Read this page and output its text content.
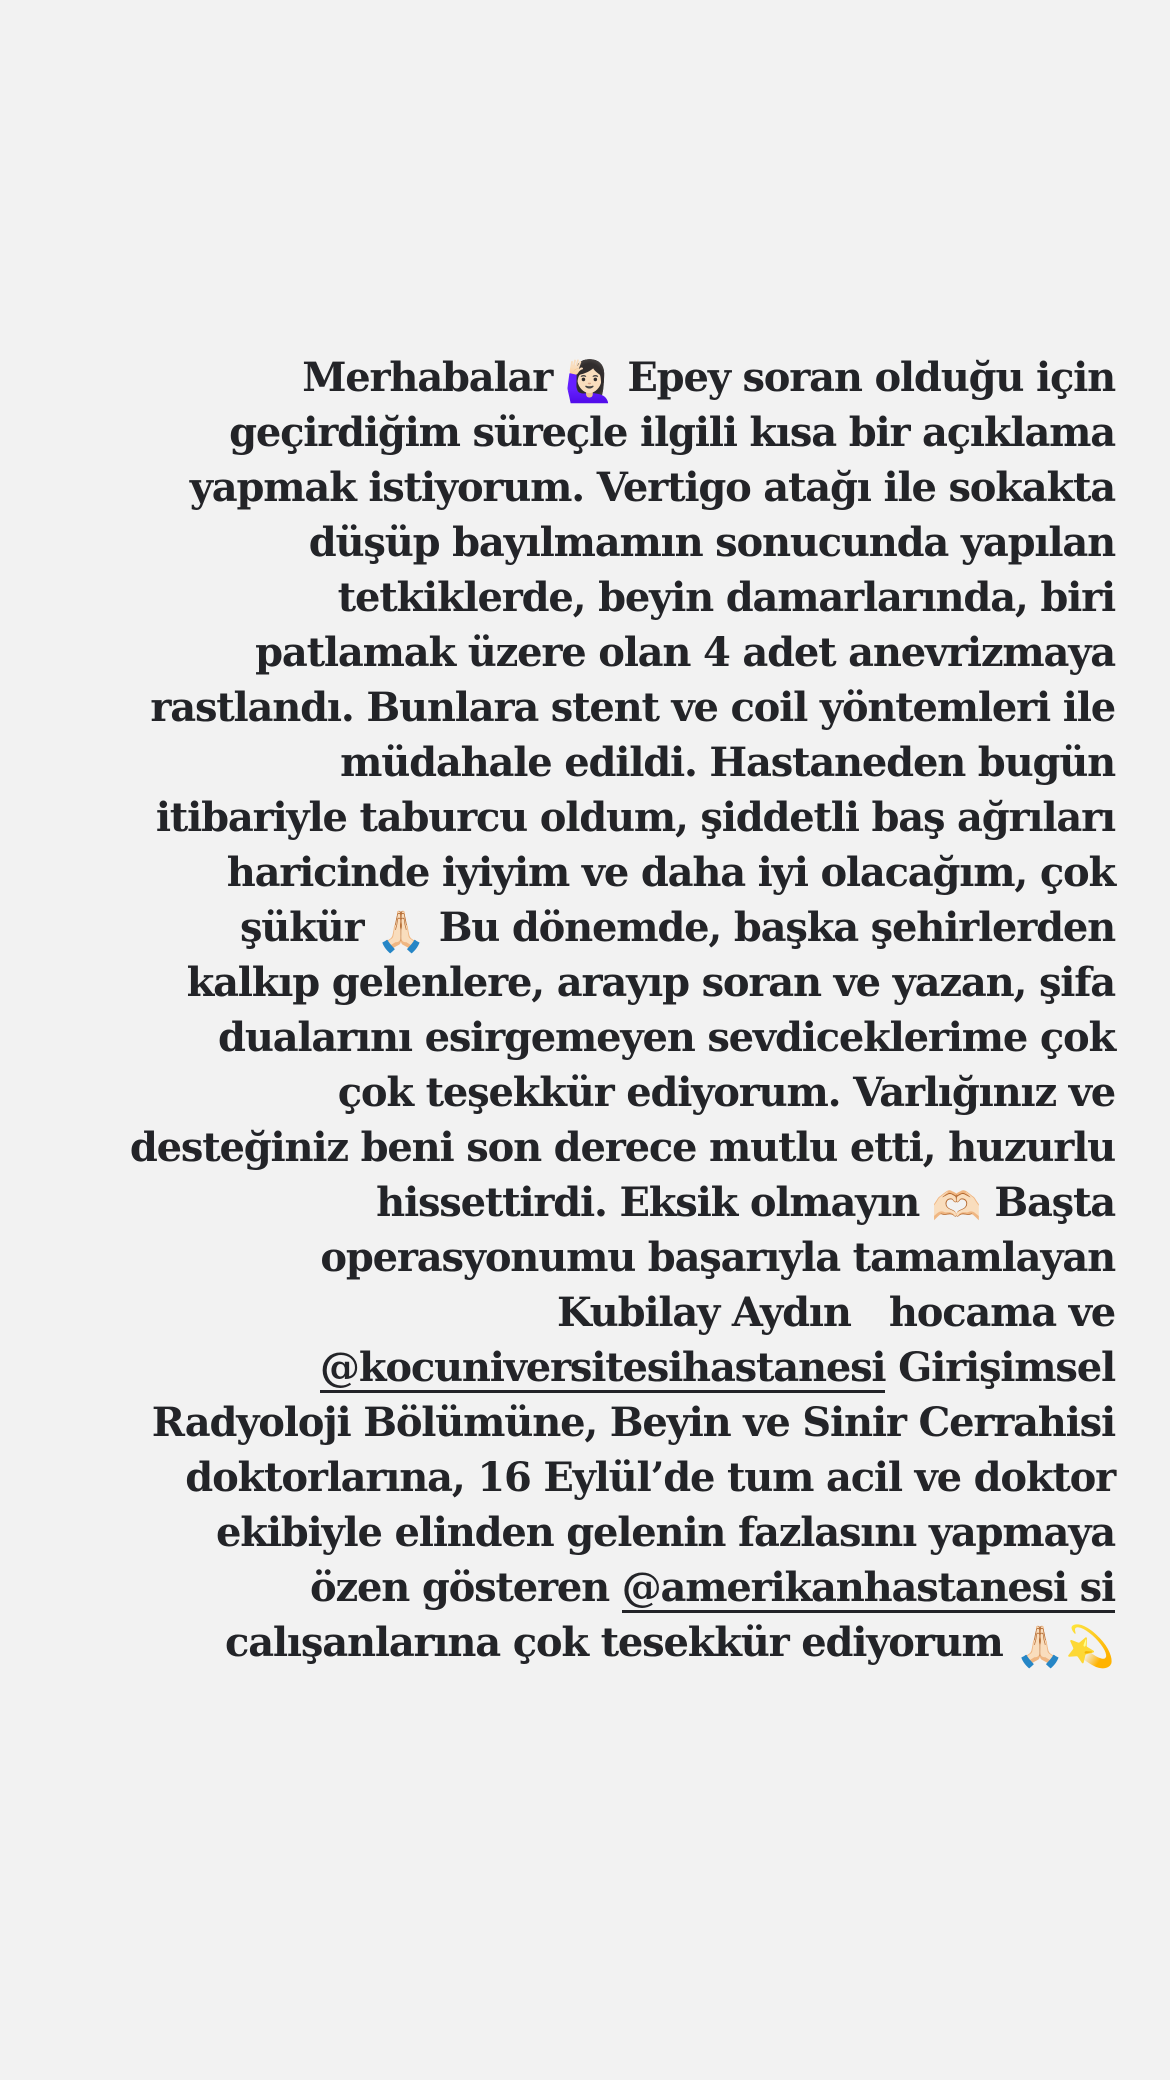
Merhabalar 🙋🏻‍♀️ Epey soran olduğu için
geçirdiğim süreçle ilgili kısa bir açıklama
yapmak istiyorum. Vertigo atağı ile sokakta
düşüp bayılmamın sonucunda yapılan
tetkiklerde, beyin damarlarında, biri
patlamak üzere olan 4 adet anevrizmaya
rastlandı. Bunlara stent ve coil yöntemleri ile
müdahale edildi. Hastaneden bugün
itibariyle taburcu oldum, şiddetli baş ağrıları
haricinde iyiyim ve daha iyi olacağım, çok
şükür 🙏🏻 Bu dönemde, başka şehirlerden
kalkıp gelenlere, arayıp soran ve yazan, şifa
dualarını esirgemeyen sevdiceklerime çok
çok teşekkür ediyorum. Varlığınız ve
desteğiniz beni son derece mutlu etti, huzurlu
hissettirdi. Eksik olmayın 🫶🏻 Başta
operasyonumu başarıyla tamamlayan
Kubilay Aydın   hocama ve
@kocuniversitesihastanesi Girişimsel
Radyoloji Bölümüne, Beyin ve Sinir Cerrahisi
doktorlarına, 16 Eylül’de tum acil ve doktor
ekibiyle elinden gelenin fazlasını yapmaya
özen gösteren @amerikanhastanesi si
calışanlarına çok tesekkür ediyorum 🙏🏻💫
